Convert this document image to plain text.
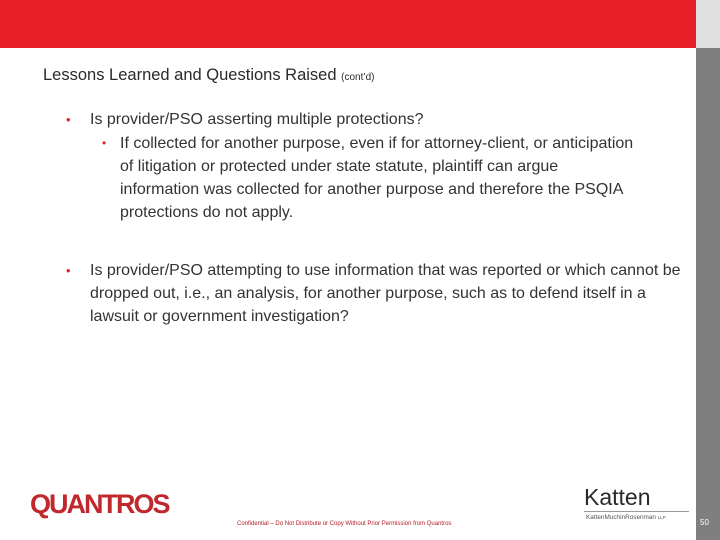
Lessons Learned and Questions Raised (cont’d)
• Is provider/PSO asserting multiple protections?
• If collected for another purpose, even if for attorney-client, or anticipation of litigation or protected under state statute, plaintiff can argue information was collected for another purpose and therefore the PSQIA protections do not apply.
• Is provider/PSO attempting to use information that was reported or which cannot be dropped out, i.e., an analysis, for another purpose, such as to defend itself in a lawsuit or government investigation?
QUANTROS
Confidential – Do Not Distribute or Copy Without Prior Permission from Quantros
Katten
KattenMuchinRosenman LLP
50
